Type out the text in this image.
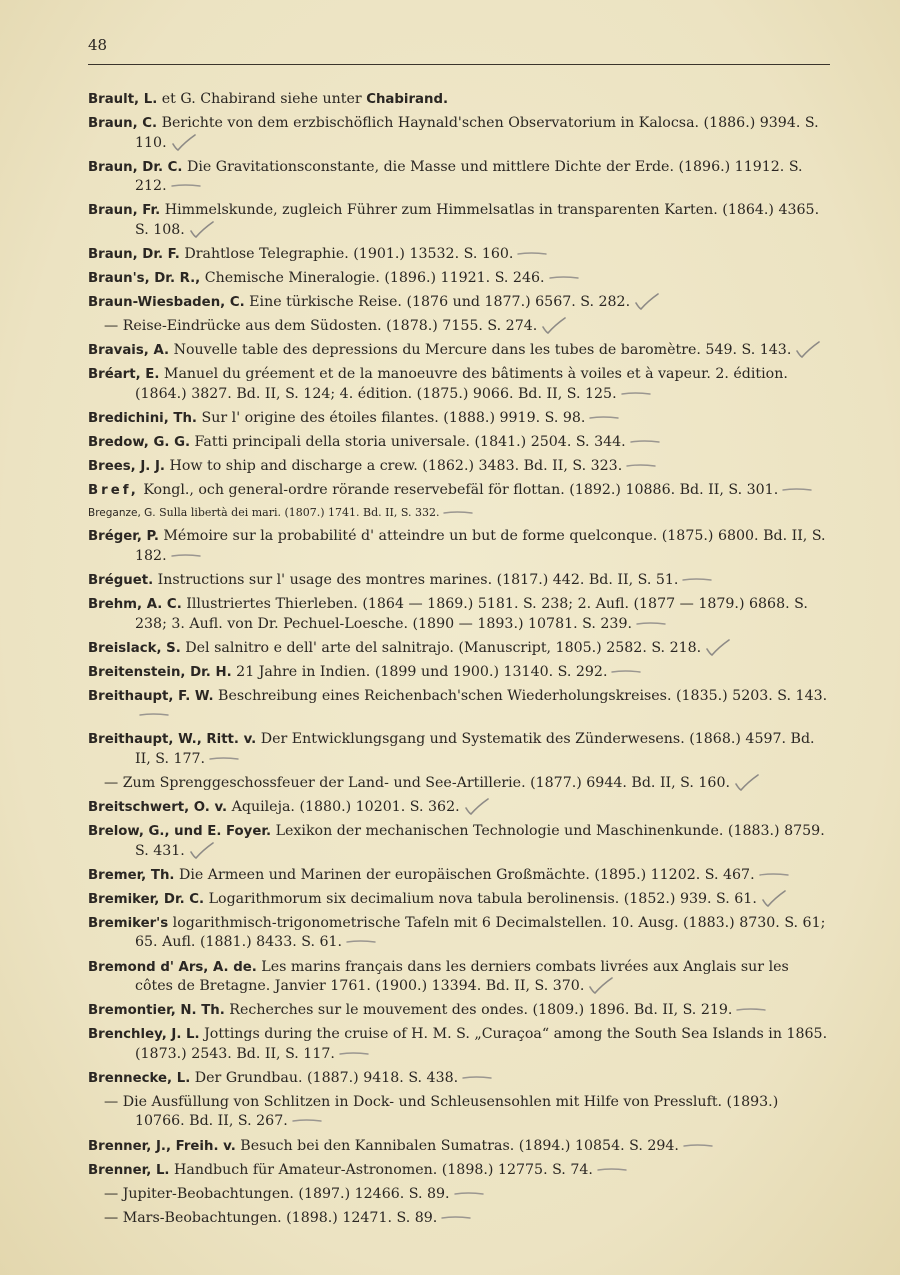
48
Brault, L. et G. Chabirand siehe unter Chabirand.
Braun, C. Berichte von dem erzbischöflich Haynald'schen Observatorium in Kalocsa. (1886.) 9394. S. 110.
Braun, Dr. C. Die Gravitationsconstante, die Masse und mittlere Dichte der Erde. (1896.) 11912. S. 212.
Braun, Fr. Himmelskunde, zugleich Führer zum Himmelsatlas in transparenten Karten. (1864.) 4365. S. 108.
Braun, Dr. F. Drahtlose Telegraphie. (1901.) 13532. S. 160.
Braun's, Dr. R., Chemische Mineralogie. (1896.) 11921. S. 246.
Braun-Wiesbaden, C. Eine türkische Reise. (1876 und 1877.) 6567. S. 282.
— Reise-Eindrücke aus dem Südosten. (1878.) 7155. S. 274.
Bravais, A. Nouvelle table des depressions du Mercure dans les tubes de baromètre. 549. S. 143.
Bréart, E. Manuel du gréement et de la manoeuvre des bâtiments à voiles et à vapeur. 2. édition. (1864.) 3827. Bd. II, S. 124; 4. édition. (1875.) 9066. Bd. II, S. 125.
Bredichini, Th. Sur l' origine des étoiles filantes. (1888.) 9919. S. 98.
Bredow, G. G. Fatti principali della storia universale. (1841.) 2504. S. 344.
Brees, J. J. How to ship and discharge a crew. (1862.) 3483. Bd. II, S. 323.
Bref, Kongl., och general-ordre rörande reservebefäl för flottan. (1892.) 10886. Bd. II, S. 301.
Breganze, G. Sulla libertà dei mari. (1807.) 1741. Bd. II, S. 332.
Bréger, P. Mémoire sur la probabilité d' atteindre un but de forme quelconque. (1875.) 6800. Bd. II, S. 182.
Bréguet. Instructions sur l' usage des montres marines. (1817.) 442. Bd. II, S. 51.
Brehm, A. C. Illustriertes Thierleben. (1864 — 1869.) 5181. S. 238; 2. Aufl. (1877 — 1879.) 6868. S. 238; 3. Aufl. von Dr. Pechuel-Loesche. (1890 — 1893.) 10781. S. 239.
Breislack, S. Del salnitro e dell' arte del salnitrajo. (Manuscript, 1805.) 2582. S. 218.
Breitenstein, Dr. H. 21 Jahre in Indien. (1899 und 1900.) 13140. S. 292.
Breithaupt, F. W. Beschreibung eines Reichenbach'schen Wiederholungskreises. (1835.) 5203. S. 143.
Breithaupt, W., Ritt. v. Der Entwicklungsgang und Systematik des Zünderwesens. (1868.) 4597. Bd. II, S. 177.
— Zum Sprenggeschossfeuer der Land- und See-Artillerie. (1877.) 6944. Bd. II, S. 160.
Breitschwert, O. v. Aquileja. (1880.) 10201. S. 362.
Brelow, G., und E. Foyer. Lexikon der mechanischen Technologie und Maschinenkunde. (1883.) 8759. S. 431.
Bremer, Th. Die Armeen und Marinen der europäischen Großmächte. (1895.) 11202. S. 467.
Bremiker, Dr. C. Logarithmorum six decimalium nova tabula berolinensis. (1852.) 939. S. 61.
Bremiker's logarithmisch-trigonometrische Tafeln mit 6 Decimalstellen. 10. Ausg. (1883.) 8730. S. 61; 65. Aufl. (1881.) 8433. S. 61.
Bremond d' Ars, A. de. Les marins français dans les derniers combats livrées aux Anglais sur les côtes de Bretagne. Janvier 1761. (1900.) 13394. Bd. II, S. 370.
Bremontier, N. Th. Recherches sur le mouvement des ondes. (1809.) 1896. Bd. II, S. 219.
Brenchley, J. L. Jottings during the cruise of H. M. S. „Curaçoa“ among the South Sea Islands in 1865. (1873.) 2543. Bd. II, S. 117.
Brennecke, L. Der Grundbau. (1887.) 9418. S. 438.
— Die Ausfüllung von Schlitzen in Dock- und Schleusensohlen mit Hilfe von Pressluft. (1893.) 10766. Bd. II, S. 267.
Brenner, J., Freih. v. Besuch bei den Kannibalen Sumatras. (1894.) 10854. S. 294.
Brenner, L. Handbuch für Amateur-Astronomen. (1898.) 12775. S. 74.
— Jupiter-Beobachtungen. (1897.) 12466. S. 89.
— Mars-Beobachtungen. (1898.) 12471. S. 89.
